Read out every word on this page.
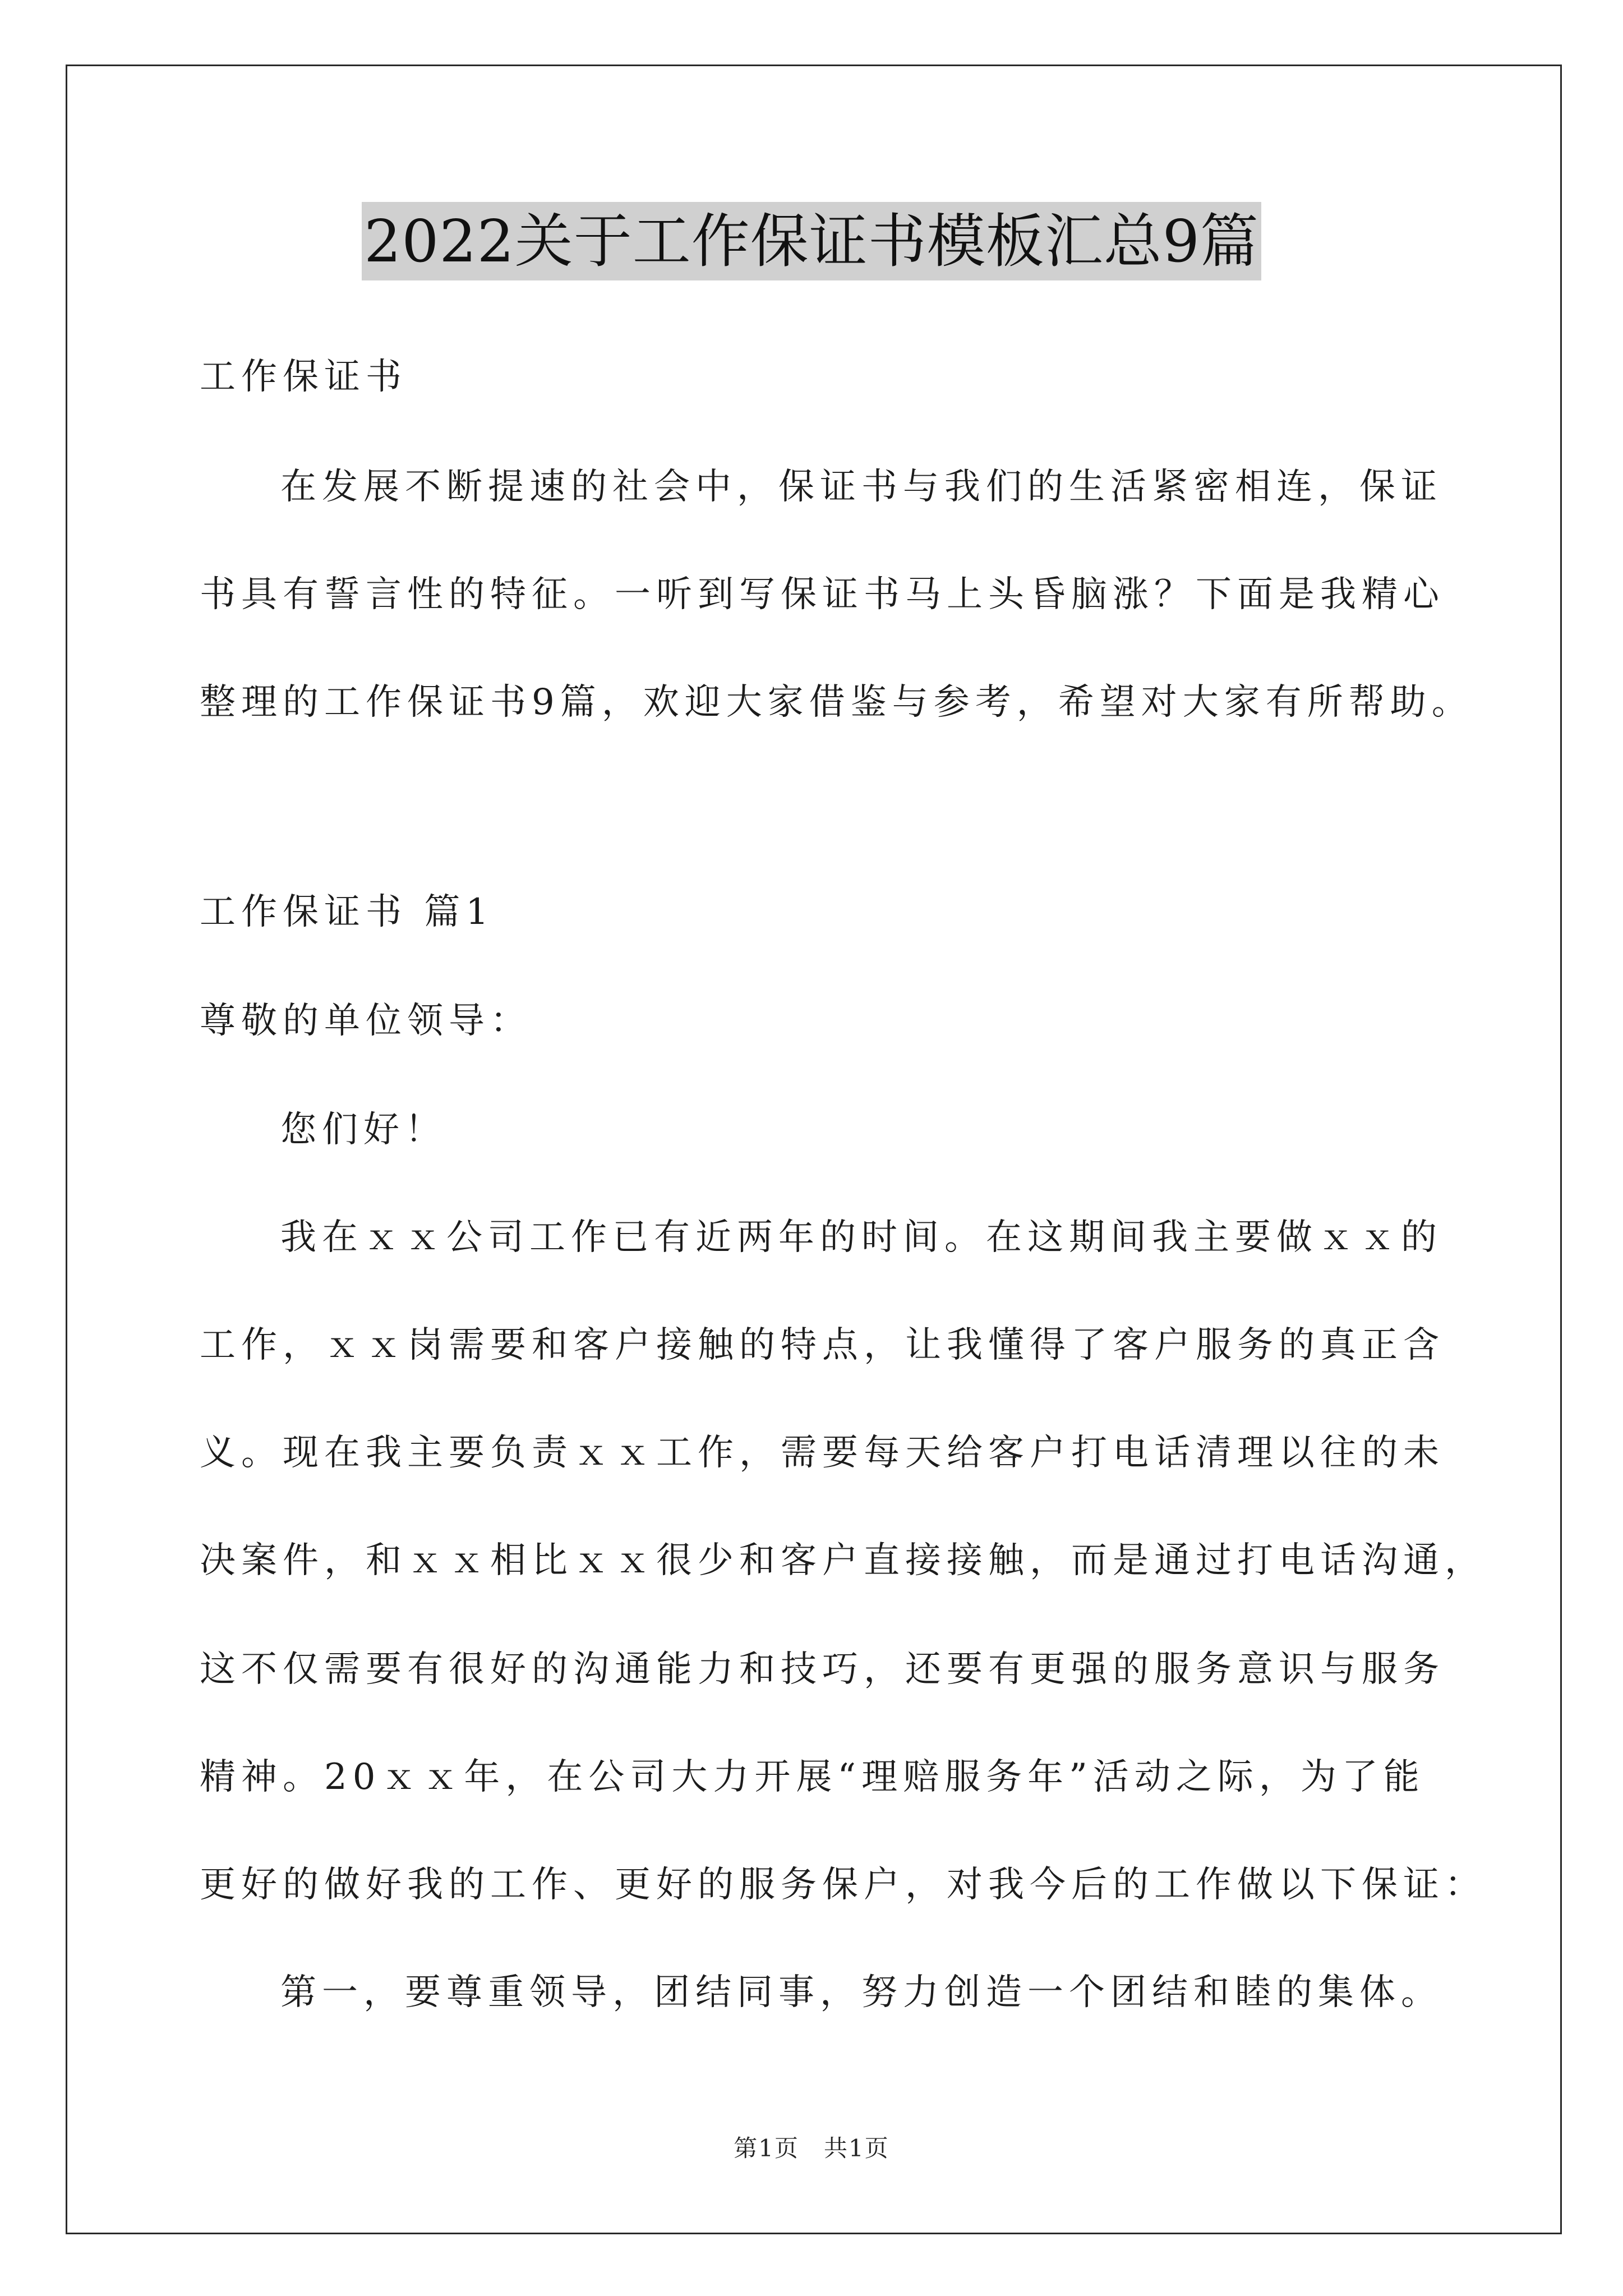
2022关于工作保证书模板汇总9篇
工作保证书
在发展不断提速的社会中，保证书与我们的生活紧密相连，保证
书具有誓言性的特征。一听到写保证书马上头昏脑涨？下面是我精心
整理的工作保证书9篇，欢迎大家借鉴与参考，希望对大家有所帮助。
工作保证书 篇1
尊敬的单位领导：
您们好！
我在ｘｘ公司工作已有近两年的时间。在这期间我主要做ｘｘ的
工作，ｘｘ岗需要和客户接触的特点，让我懂得了客户服务的真正含
义。现在我主要负责ｘｘ工作，需要每天给客户打电话清理以往的未
决案件，和ｘｘ相比ｘｘ很少和客户直接接触，而是通过打电话沟通，
这不仅需要有很好的沟通能力和技巧，还要有更强的服务意识与服务
精神。20ｘｘ年，在公司大力开展“理赔服务年”活动之际，为了能
更好的做好我的工作、更好的服务保户，对我今后的工作做以下保证：
第一，要尊重领导，团结同事，努力创造一个团结和睦的集体。
第1页　共1页
